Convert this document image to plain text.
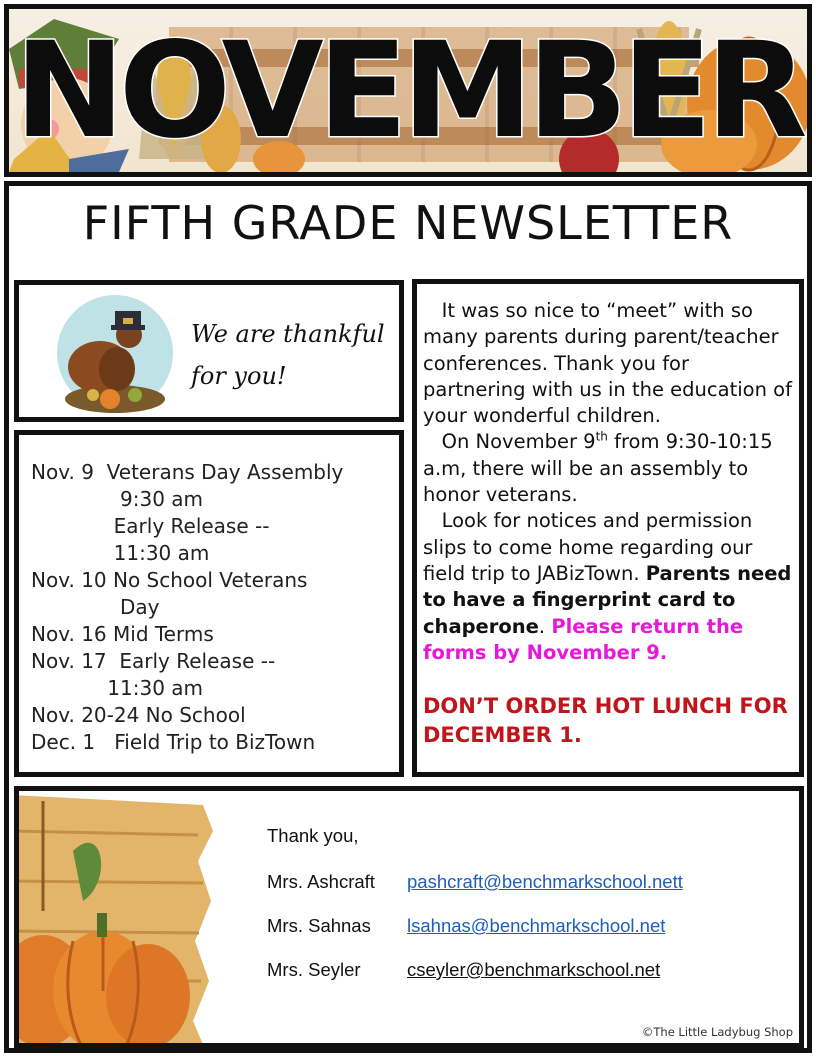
NOVEMBER
FIFTH GRADE NEWSLETTER
We are thankful
for you!
Nov. 9  Veterans Day Assembly
9:30 am
Early Release --
11:30 am
Nov. 10 No School Veterans
Day
Nov. 16 Mid Terms
Nov. 17  Early Release --
11:30 am
Nov. 20-24 No School
Dec. 1   Field Trip to BizTown

It was so nice to “meet” with so many parents during parent/teacher conferences. Thank you for partnering with us in the education of your wonderful children.

On November 9th from 9:30-10:15 a.m, there will be an assembly to honor veterans.

Look for notices and permission slips to come home regarding our field trip to JABizTown. Parents need to have a fingerprint card to chaperone. Please return the forms by November 9.

DON’T ORDER HOT LUNCH FOR DECEMBER 1.

Thank you,
Mrs. Ashcraft	pashcraft@benchmarkschool.nett
Mrs. Sahnas	lsahnas@benchmarkschool.net
Mrs. Seyler	cseyler@benchmarkschool.net
©The Little Ladybug Shop
